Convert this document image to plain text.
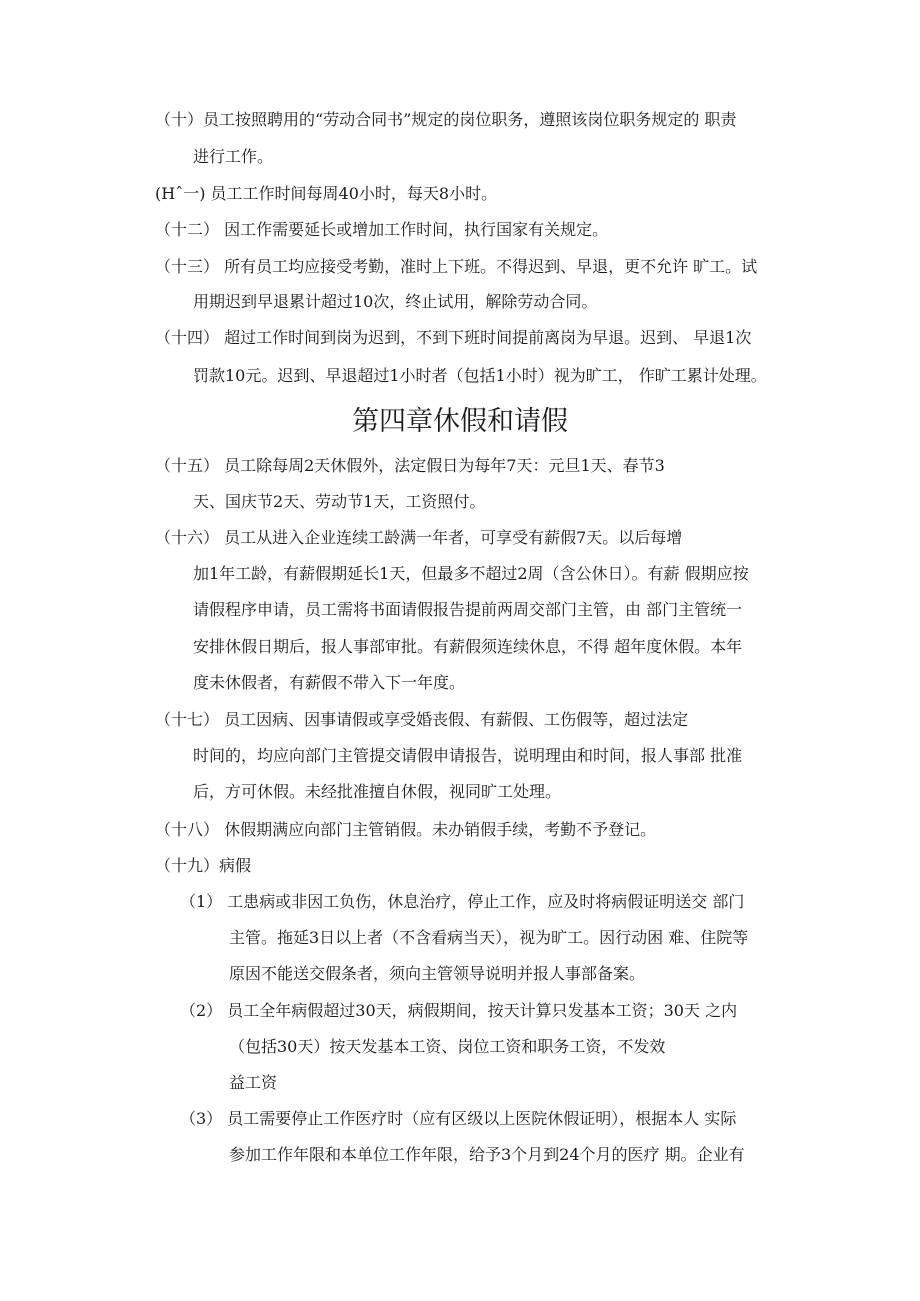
（十）员工按照聘用的“劳动合同书”规定的岗位职务，遵照该岗位职务规定的 职责
进行工作。
(Hˆ一) 员工工作时间每周40小时，每天8小时。
（十二） 因工作需要延长或增加工作时间，执行国家有关规定。
（十三） 所有员工均应接受考勤，准时上下班。不得迟到、早退，更不允许 旷工。试
用期迟到早退累计超过10次，终止试用，解除劳动合同。
（十四） 超过工作时间到岗为迟到，不到下班时间提前离岗为早退。迟到、 早退1次
罚款10元。迟到、早退超过1小时者（包括1小时）视为旷工， 作旷工累计处理。
第四章休假和请假
（十五） 员工除每周2天休假外，法定假日为每年7天：元旦1天、春节3
天、国庆节2天、劳动节1天，工资照付。
（十六） 员工从进入企业连续工龄满一年者，可享受有薪假7天。以后每增
加1年工龄，有薪假期延长1天，但最多不超过2周（含公休日）。有薪 假期应按
请假程序申请，员工需将书面请假报告提前两周交部门主管，由 部门主管统一
安排休假日期后，报人事部审批。有薪假须连续休息，不得 超年度休假。本年
度未休假者，有薪假不带入下一年度。
（十七） 员工因病、因事请假或享受婚丧假、有薪假、工伤假等，超过法定
时间的，均应向部门主管提交请假申请报告，说明理由和时间，报人事部 批准
后，方可休假。未经批准擅自休假，视同旷工处理。
（十八） 休假期满应向部门主管销假。未办销假手续，考勤不予登记。
（十九）病假
（1） 工患病或非因工负伤，休息治疗，停止工作，应及时将病假证明送交 部门
主管。拖延3日以上者（不含看病当天），视为旷工。因行动困 难、住院等
原因不能送交假条者，须向主管领导说明并报人事部备案。
（2） 员工全年病假超过30天，病假期间，按天计算只发基本工资；30天 之内
（包括30天）按天发基本工资、岗位工资和职务工资，不发效
益工资
（3） 员工需要停止工作医疗时（应有区级以上医院休假证明），根据本人 实际
参加工作年限和本单位工作年限，给予3个月到24个月的医疗 期。企业有
